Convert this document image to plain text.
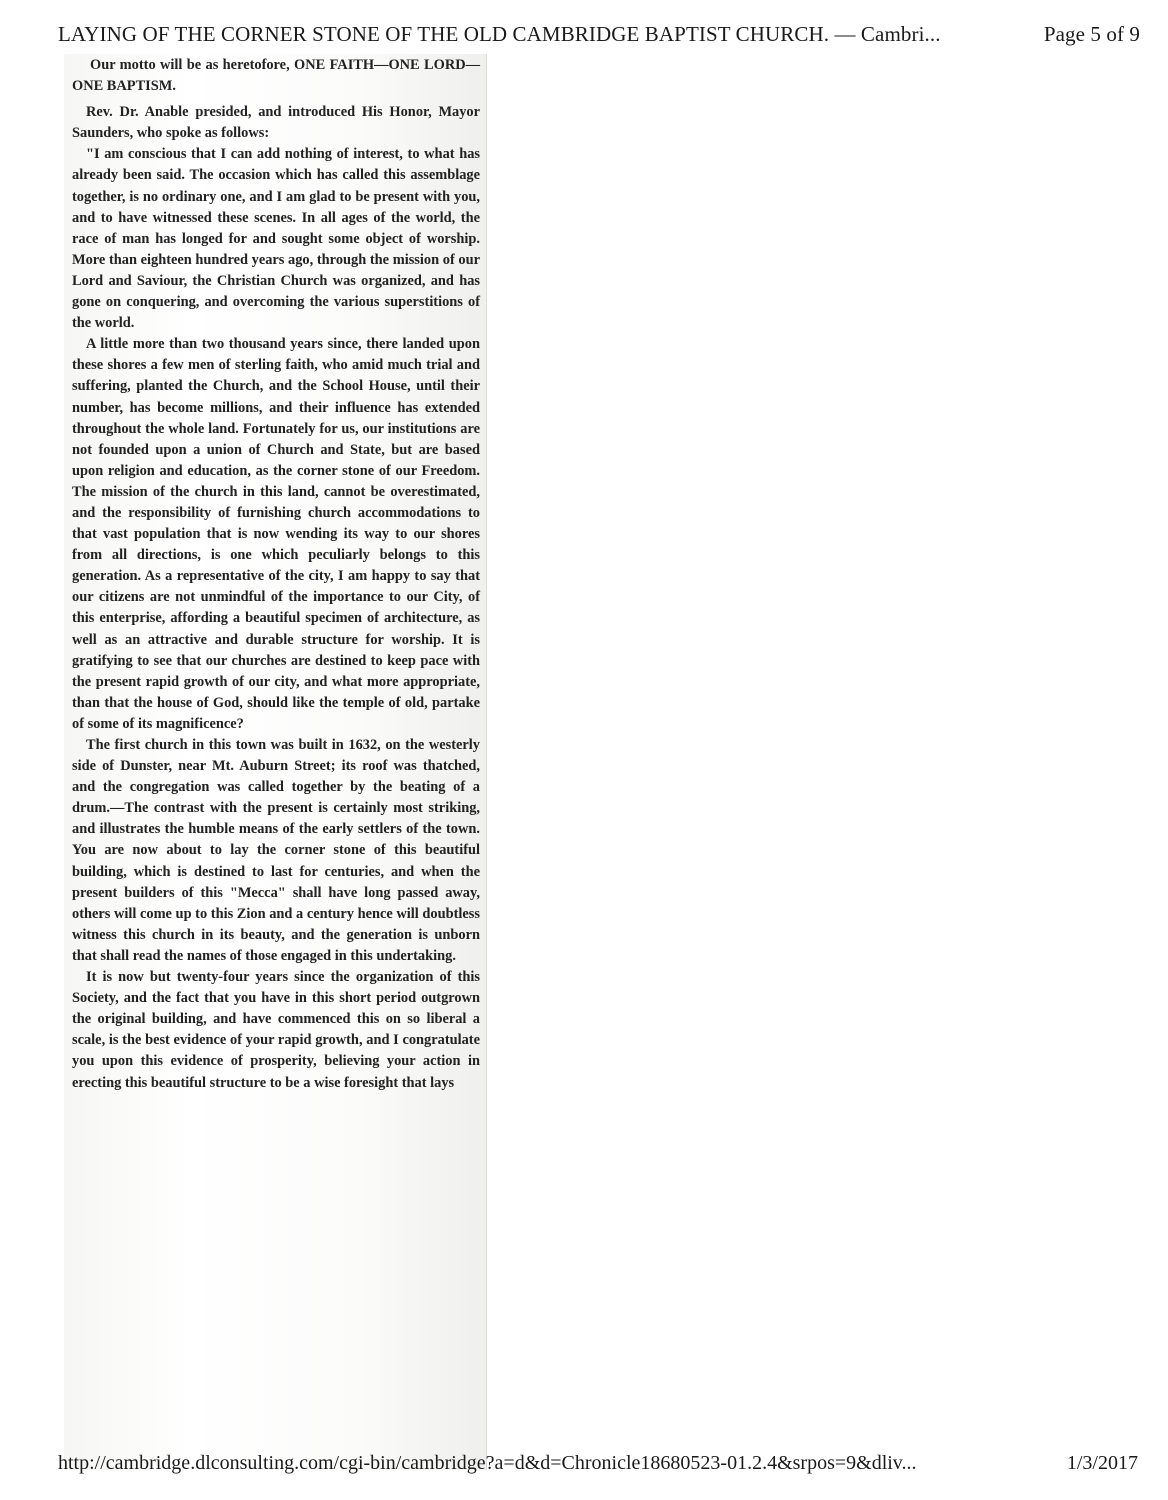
LAYING OF THE CORNER STONE OF THE OLD CAMBRIDGE BAPTIST CHURCH. — Cambri...	Page 5 of 9

Our motto will be as heretofore, ONE FAITH—ONE LORD—ONE BAPTISM.

Rev. Dr. Anable presided, and introduced His Honor, Mayor Saunders, who spoke as follows:

"I am conscious that I can add nothing of interest, to what has already been said. The occasion which has called this assemblage together, is no ordinary one, and I am glad to be present with you, and to have witnessed these scenes. In all ages of the world, the race of man has longed for and sought some object of worship. More than eighteen hundred years ago, through the mission of our Lord and Saviour, the Christian Church was organized, and has gone on conquering, and overcoming the various superstitions of the world.

A little more than two thousand years since, there landed upon these shores a few men of sterling faith, who amid much trial and suffering, planted the Church, and the School House, until their number, has become millions, and their influence has extended throughout the whole land. Fortunately for us, our institutions are not founded upon a union of Church and State, but are based upon religion and education, as the corner stone of our Freedom. The mission of the church in this land, cannot be overestimated, and the responsibility of furnishing church accommodations to that vast population that is now wending its way to our shores from all directions, is one which peculiarly belongs to this generation. As a representative of the city, I am happy to say that our citizens are not unmindful of the importance to our City, of this enterprise, affording a beautiful specimen of architecture, as well as an attractive and durable structure for worship. It is gratifying to see that our churches are destined to keep pace with the present rapid growth of our city, and what more appropriate, than that the house of God, should like the temple of old, partake of some of its magnificence?

The first church in this town was built in 1632, on the westerly side of Dunster, near Mt. Auburn Street; its roof was thatched, and the congregation was called together by the beating of a drum.—The contrast with the present is certainly most striking, and illustrates the humble means of the early settlers of the town. You are now about to lay the corner stone of this beautiful building, which is destined to last for centuries, and when the present builders of this "Mecca" shall have long passed away, others will come up to this Zion and a century hence will doubtless witness this church in its beauty, and the generation is unborn that shall read the names of those engaged in this undertaking.

It is now but twenty-four years since the organization of this Society, and the fact that you have in this short period outgrown the original building, and have commenced this on so liberal a scale, is the best evidence of your rapid growth, and I congratulate you upon this evidence of prosperity, believing your action in erecting this beautiful structure to be a wise foresight that lays

http://cambridge.dlconsulting.com/cgi-bin/cambridge?a=d&d=Chronicle18680523-01.2.4&srpos=9&dliv...	1/3/2017
